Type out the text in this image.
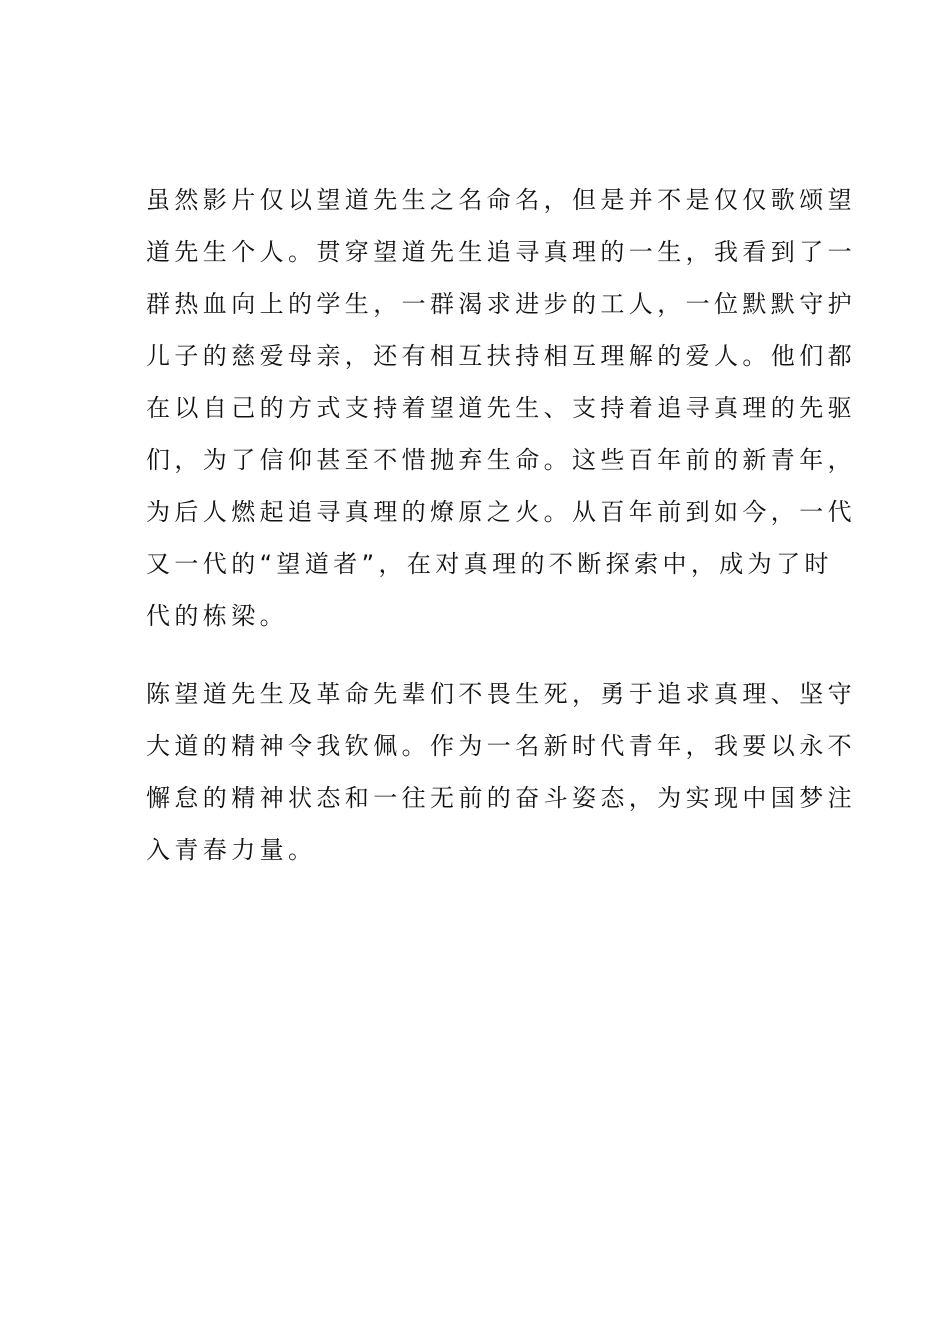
虽然影片仅以望道先生之名命名，但是并不是仅仅歌颂望
道先生个人。贯穿望道先生追寻真理的一生，我看到了一
群热血向上的学生，一群渴求进步的工人，一位默默守护
儿子的慈爱母亲，还有相互扶持相互理解的爱人。他们都
在以自己的方式支持着望道先生、支持着追寻真理的先驱
们，为了信仰甚至不惜抛弃生命。这些百年前的新青年，
为后人燃起追寻真理的燎原之火。从百年前到如今，一代
又一代的“望道者”，在对真理的不断探索中，成为了时
代的栋梁。
陈望道先生及革命先辈们不畏生死，勇于追求真理、坚守
大道的精神令我钦佩。作为一名新时代青年，我要以永不
懈怠的精神状态和一往无前的奋斗姿态，为实现中国梦注
入青春力量。
